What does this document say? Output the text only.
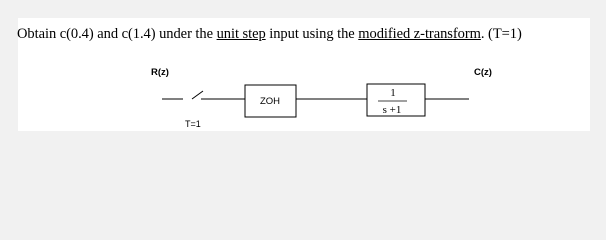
Obtain c(0.4) and c(1.4) under the unit step input using the modified z-transform. (T=1)
R(z)	C(z)
T=1
ZOH
1
s +1
